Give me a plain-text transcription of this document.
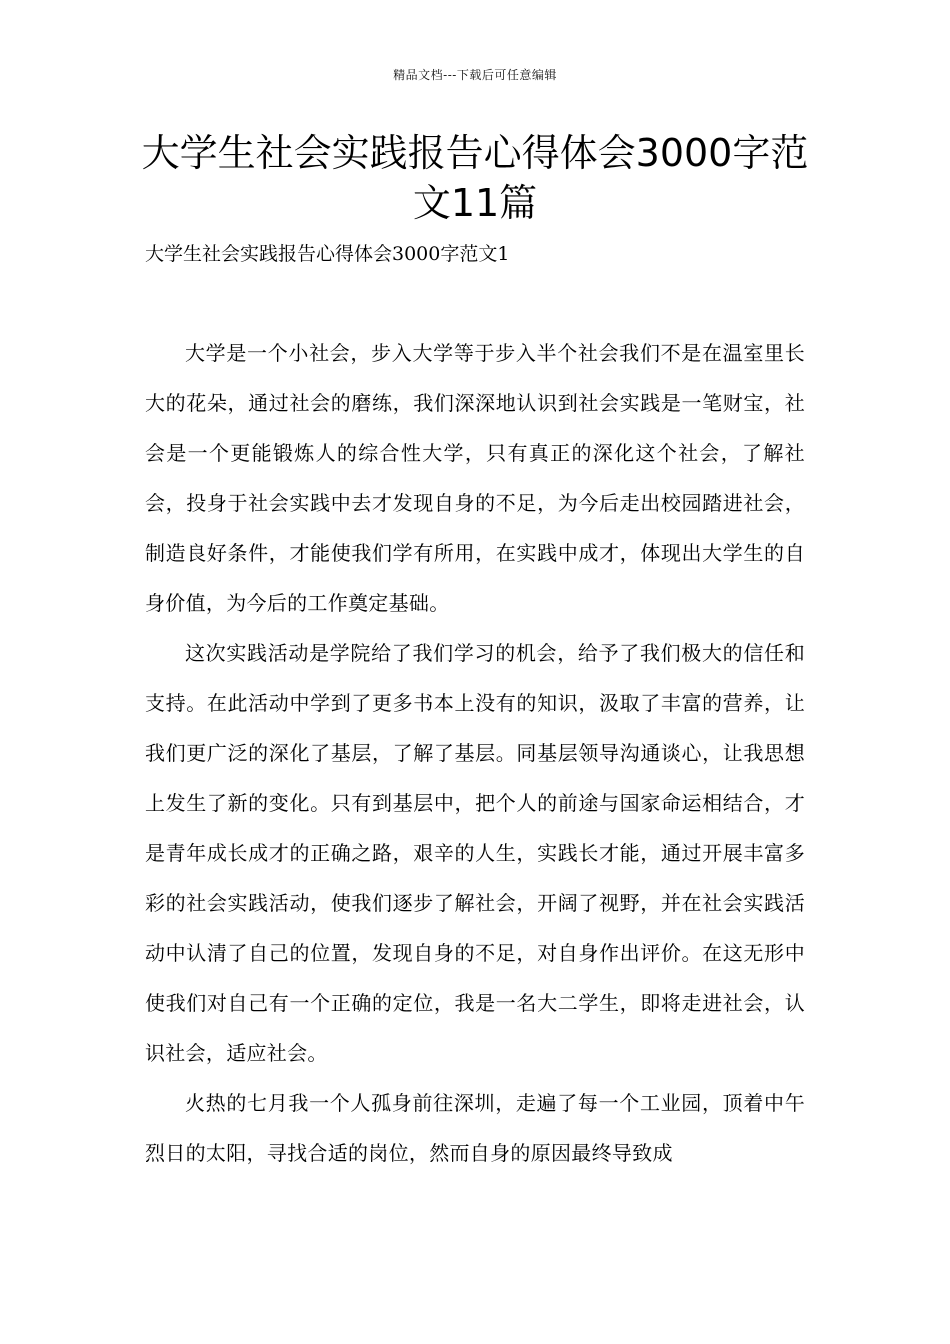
精品文档---下载后可任意编辑
大学生社会实践报告心得体会3000字范文11篇
大学生社会实践报告心得体会3000字范文1

大学是一个小社会，步入大学等于步入半个社会我们不是在温室里长大的花朵，通过社会的磨练，我们深深地认识到社会实践是一笔财宝，社会是一个更能锻炼人的综合性大学，只有真正的深化这个社会，了解社会，投身于社会实践中去才发现自身的不足，为今后走出校园踏进社会，制造良好条件，才能使我们学有所用，在实践中成才，体现出大学生的自身价值，为今后的工作奠定基础。

这次实践活动是学院给了我们学习的机会，给予了我们极大的信任和支持。在此活动中学到了更多书本上没有的知识，汲取了丰富的营养，让我们更广泛的深化了基层，了解了基层。同基层领导沟通谈心，让我思想上发生了新的变化。只有到基层中，把个人的前途与国家命运相结合，才是青年成长成才的正确之路，艰辛的人生，实践长才能，通过开展丰富多彩的社会实践活动，使我们逐步了解社会，开阔了视野，并在社会实践活动中认清了自己的位置，发现自身的不足，对自身作出评价。在这无形中使我们对自己有一个正确的定位，我是一名大二学生，即将走进社会，认识社会，适应社会。

火热的七月我一个人孤身前往深圳，走遍了每一个工业园，顶着中午烈日的太阳，寻找合适的岗位，然而自身的原因最终导致成
